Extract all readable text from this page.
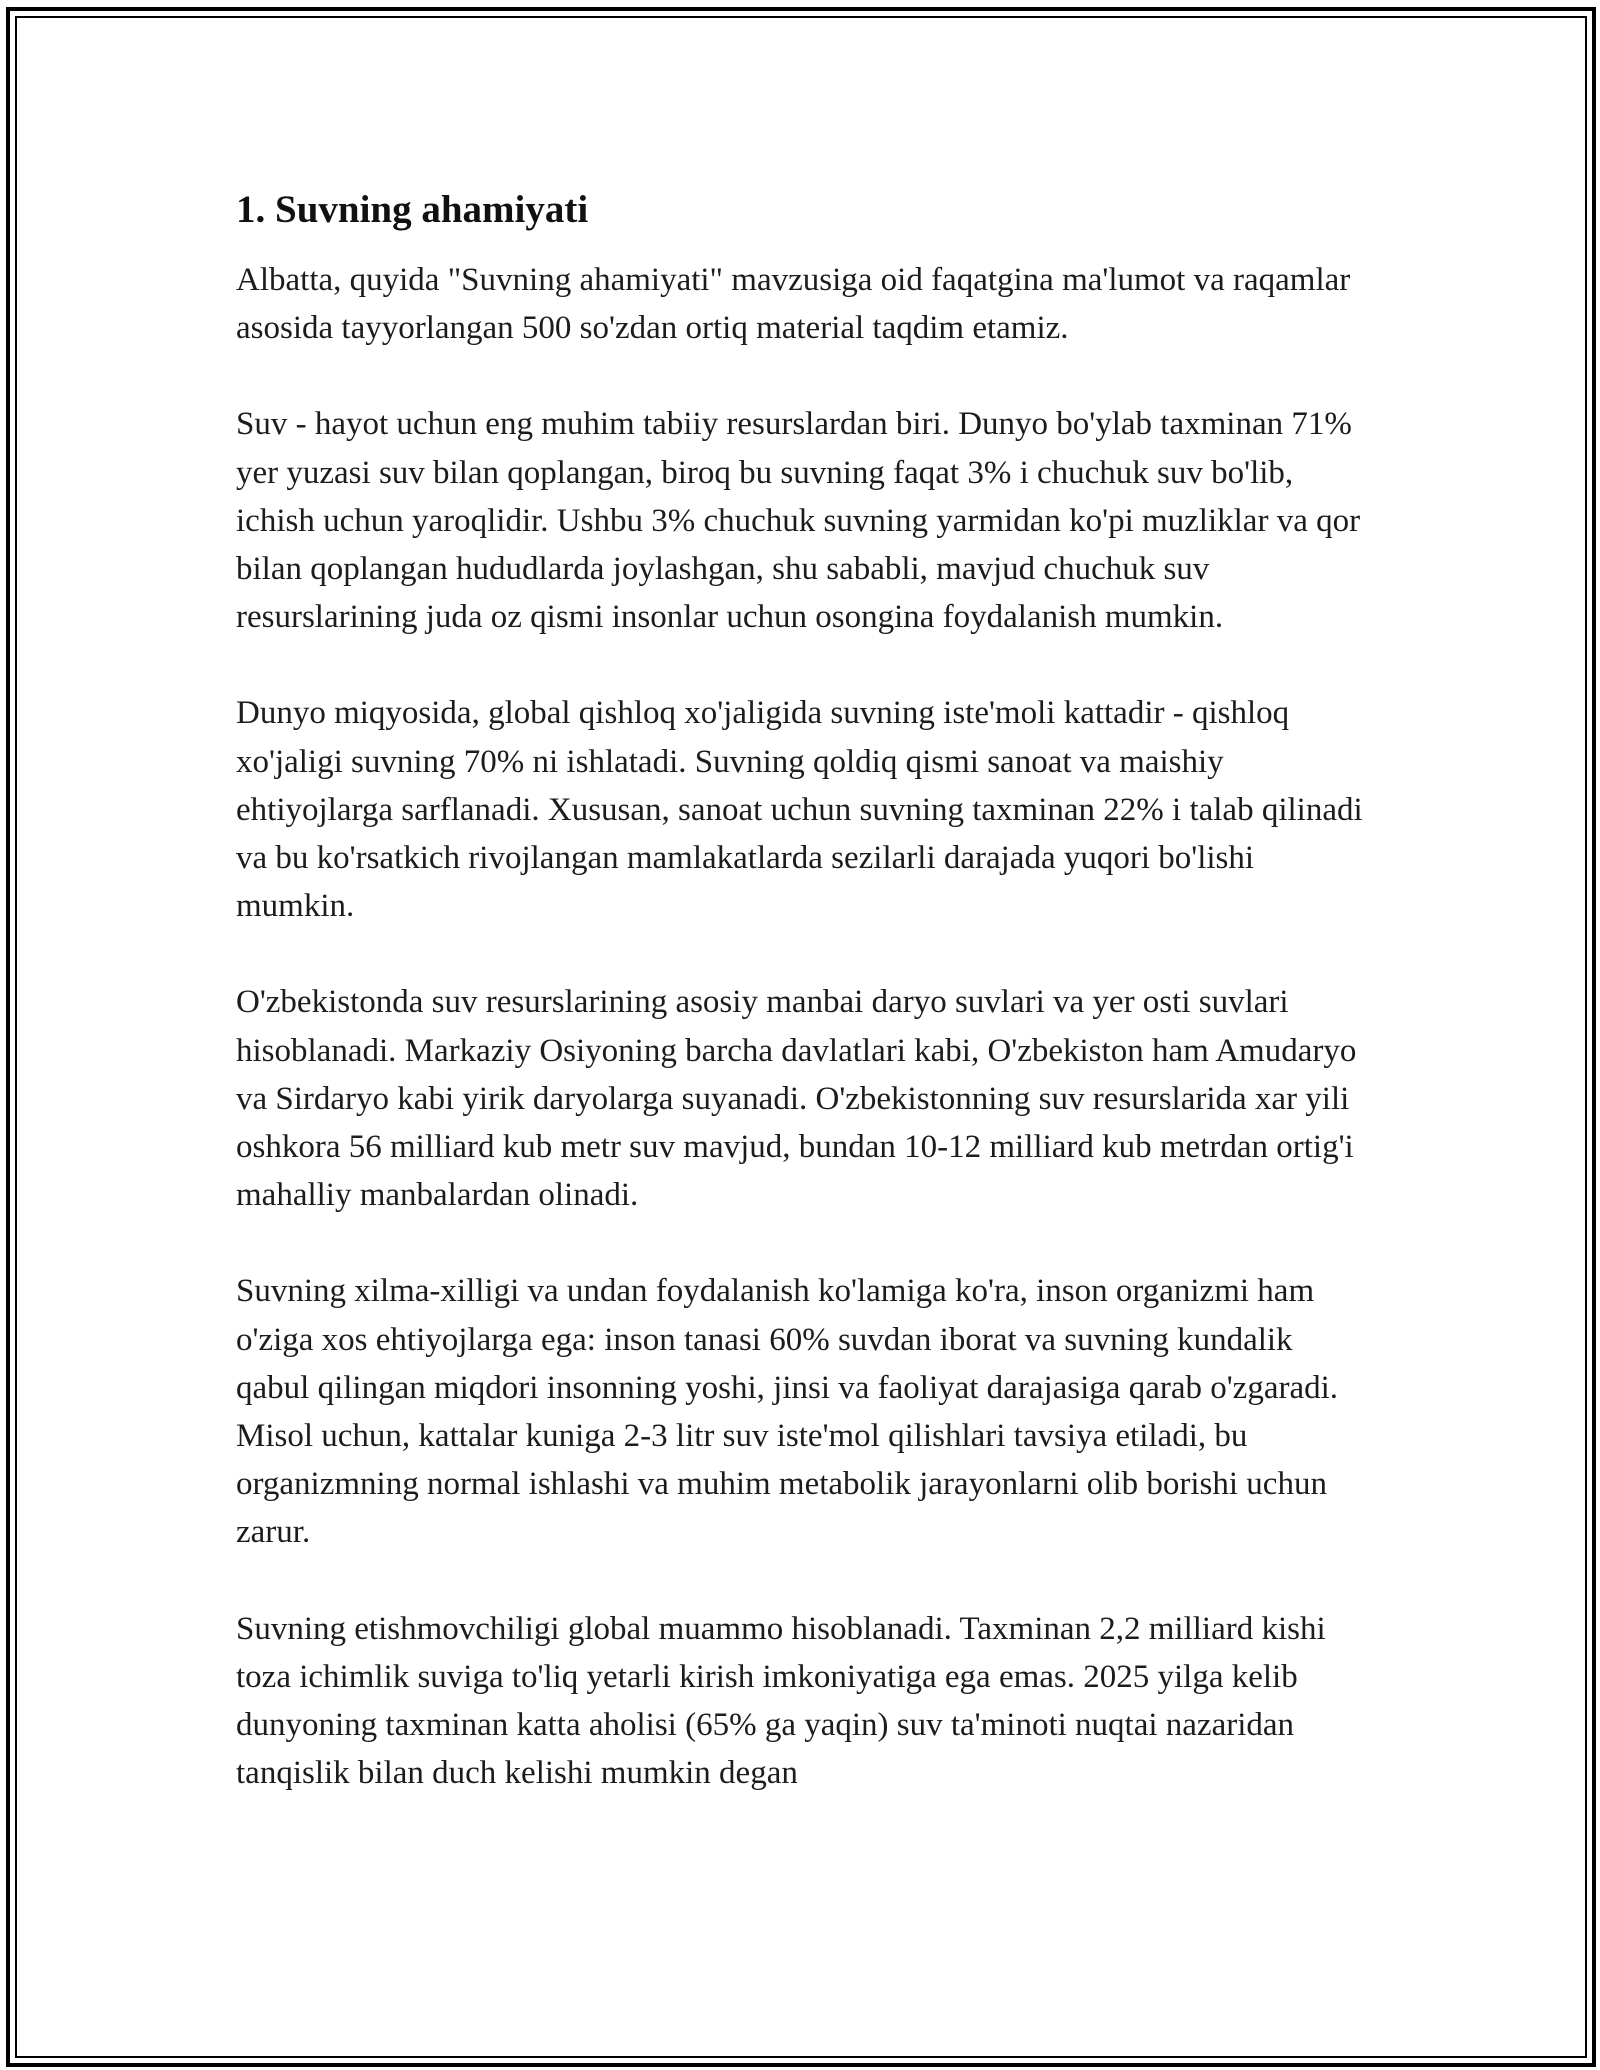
1. Suvning ahamiyati

Albatta, quyida "Suvning ahamiyati" mavzusiga oid faqatgina ma'lumot va raqamlar asosida tayyorlangan 500 so'zdan ortiq material taqdim etamiz.

Suv - hayot uchun eng muhim tabiiy resurslardan biri. Dunyo bo'ylab taxminan 71% yer yuzasi suv bilan qoplangan, biroq bu suvning faqat 3% i chuchuk suv bo'lib, ichish uchun yaroqlidir. Ushbu 3% chuchuk suvning yarmidan ko'pi muzliklar va qor bilan qoplangan hududlarda joylashgan, shu sababli, mavjud chuchuk suv resurslarining juda oz qismi insonlar uchun osongina foydalanish mumkin.

Dunyo miqyosida, global qishloq xo'jaligida suvning iste'moli kattadir - qishloq xo'jaligi suvning 70% ni ishlatadi. Suvning qoldiq qismi sanoat va maishiy ehtiyojlarga sarflanadi. Xususan, sanoat uchun suvning taxminan 22% i talab qilinadi va bu ko'rsatkich rivojlangan mamlakatlarda sezilarli darajada yuqori bo'lishi mumkin.

O'zbekistonda suv resurslarining asosiy manbai daryo suvlari va yer osti suvlari hisoblanadi. Markaziy Osiyoning barcha davlatlari kabi, O'zbekiston ham Amudaryo va Sirdaryo kabi yirik daryolarga suyanadi. O'zbekistonning suv resurslarida xar yili oshkora 56 milliard kub metr suv mavjud, bundan 10-12 milliard kub metrdan ortig'i mahalliy manbalardan olinadi.

Suvning xilma-xilligi va undan foydalanish ko'lamiga ko'ra, inson organizmi ham o'ziga xos ehtiyojlarga ega: inson tanasi 60% suvdan iborat va suvning kundalik qabul qilingan miqdori insonning yoshi, jinsi va faoliyat darajasiga qarab o'zgaradi. Misol uchun, kattalar kuniga 2-3 litr suv iste'mol qilishlari tavsiya etiladi, bu organizmning normal ishlashi va muhim metabolik jarayonlarni olib borishi uchun zarur.

Suvning etishmovchiligi global muammo hisoblanadi. Taxminan 2,2 milliard kishi toza ichimlik suviga to'liq yetarli kirish imkoniyatiga ega emas. 2025 yilga kelib dunyoning taxminan katta aholisi (65% ga yaqin) suv ta'minoti nuqtai nazaridan tanqislik bilan duch kelishi mumkin degan
